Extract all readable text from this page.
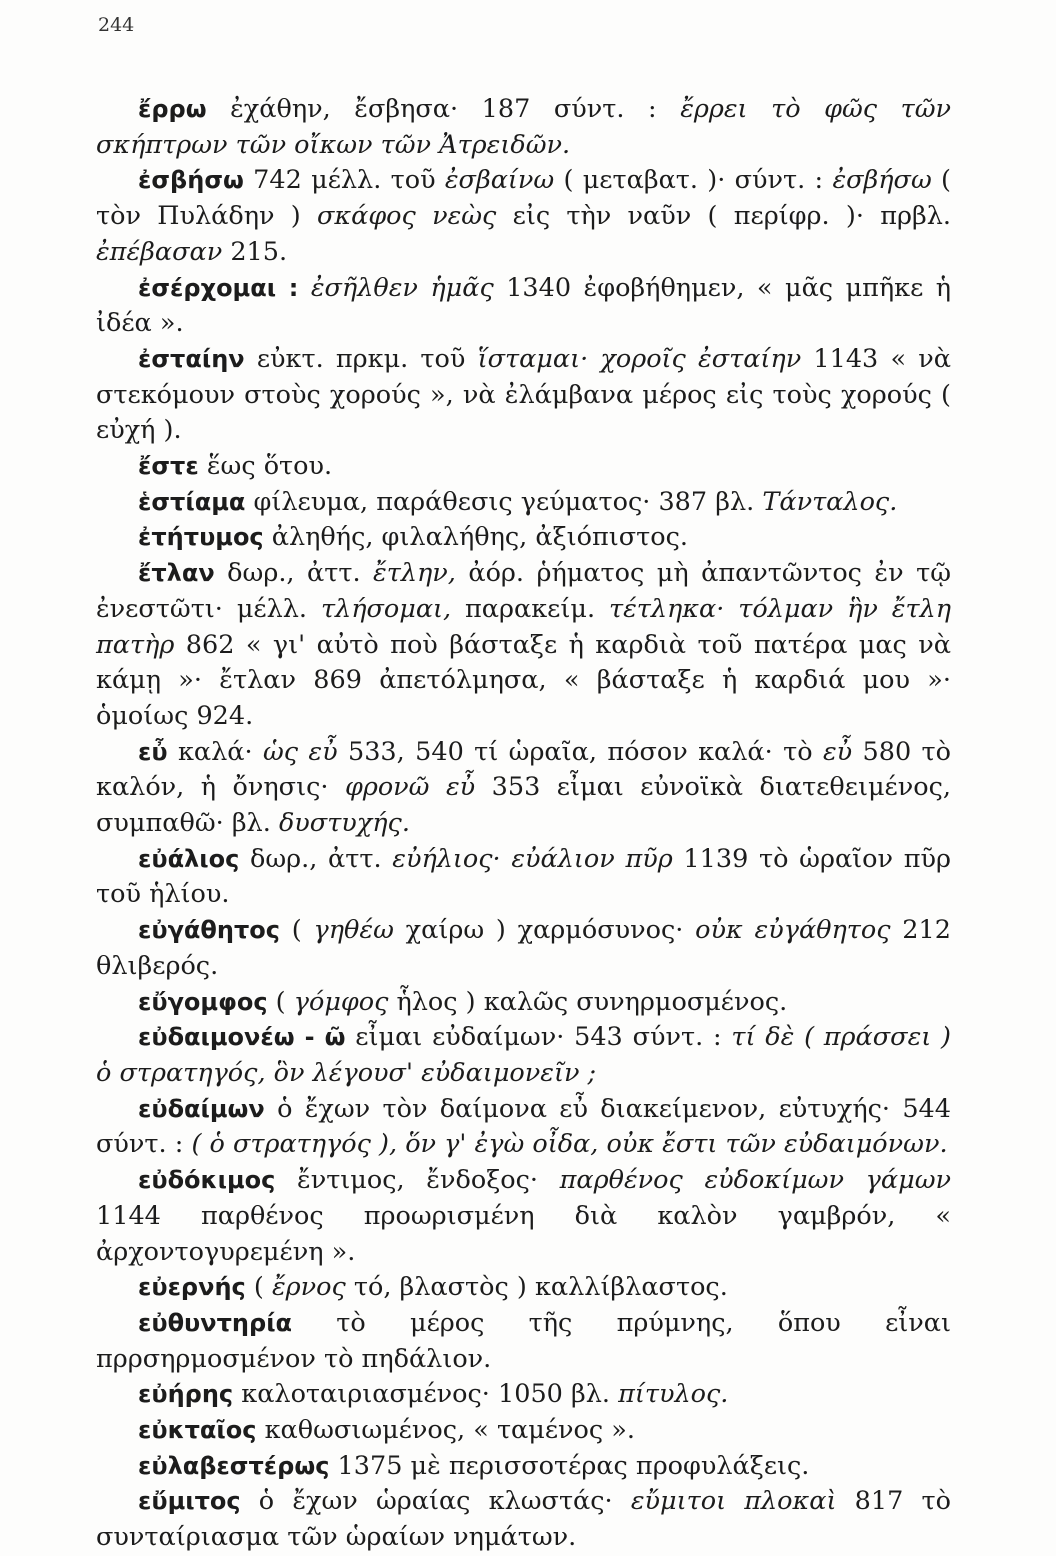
244
ἔρρω ἐχάθην, ἔσβησα· 187 σύντ. : ἔρρει τὸ φῶς τῶν σκήπτρων τῶν οἴκων τῶν Ἀτρειδῶν.
ἐσβήσω 742 μέλλ. τοῦ ἐσβαίνω ( μεταβατ. )· σύντ. : ἐσβήσω ( τὸν Πυλάδην ) σκάφος νεὼς εἰς τὴν ναῦν ( περίφρ. )· πρβλ. ἐπέβασαν 215.
ἐσέρχομαι : ἐσῆλθεν ἡμᾶς 1340 ἐφοβήθημεν, « μᾶς μπῆκε ἡ ἰδέα ».
ἐσταίην εὐκτ. πρκμ. τοῦ ἵσταμαι· χοροῖς ἐσταίην 1143 « νὰ στεκόμουν στοὺς χορούς », νὰ ἐλάμβανα μέρος εἰς τοὺς χορούς ( εὐχή ).
ἔστε ἕως ὅτου.
ἑστίαμα φίλευμα, παράθεσις γεύματος· 387 βλ. Τάνταλος.
ἐτήτυμος ἀληθής, φιλαλήθης, ἀξιόπιστος.
ἔτλαν δωρ., ἀττ. ἔτλην, ἀόρ. ῥήματος μὴ ἀπαντῶντος ἐν τῷ ἐνεστῶτι· μέλλ. τλήσομαι, παρακείμ. τέτληκα· τόλμαν ἣν ἔτλη πατὴρ 862 « γι' αὐτὸ ποὺ βάσταξε ἡ καρδιὰ τοῦ πατέρα μας νὰ κάμῃ »· ἔτλαν 869 ἀπετόλμησα, « βάσταξε ἡ καρδιά μου »· ὁμοίως 924.
εὖ καλά· ὡς εὖ 533, 540 τί ὡραῖα, πόσον καλά· τὸ εὖ 580 τὸ καλόν, ἡ ὄνησις· φρονῶ εὖ 353 εἶμαι εὐνοϊκὰ διατεθειμένος, συμπαθῶ· βλ. δυστυχής.
εὐάλιος δωρ., ἀττ. εὐήλιος· εὐάλιον πῦρ 1139 τὸ ὡραῖον πῦρ τοῦ ἡλίου.
εὐγάθητος ( γηθέω χαίρω ) χαρμόσυνος· οὐκ εὐγάθητος 212 θλιβερός.
εὔγομφος ( γόμφος ἧλος ) καλῶς συνηρμοσμένος.
εὐδαιμονέω - ῶ εἶμαι εὐδαίμων· 543 σύντ. : τί δὲ ( πράσσει ) ὁ στρατηγός, ὃν λέγουσ' εὐδαιμονεῖν ;
εὐδαίμων ὁ ἔχων τὸν δαίμονα εὖ διακείμενον, εὐτυχής· 544 σύντ. : ( ὁ στρατηγός ), ὅν γ' ἐγὼ οἶδα, οὐκ ἔστι τῶν εὐδαιμόνων.
εὐδόκιμος ἔντιμος, ἔνδοξος· παρθένος εὐδοκίμων γάμων 1144 παρθένος προωρισμένη διὰ καλὸν γαμβρόν, « ἀρχοντογυρεμένη ».
εὐερνής ( ἔρνος τό, βλαστὸς ) καλλίβλαστος.
εὐθυντηρία τὸ μέρος τῆς πρύμνης, ὅπου εἶναι πρρσηρμοσμένον τὸ πηδάλιον.
εὐήρης καλοταιριασμένος· 1050 βλ. πίτυλος.
εὐκταῖος καθωσιωμένος, « ταμένος ».
εὐλαβεστέρως 1375 μὲ περισσοτέρας προφυλάξεις.
εὔμιτος ὁ ἔχων ὡραίας κλωστάς· εὔμιτοι πλοκαὶ 817 τὸ συνταίριασμα τῶν ὡραίων νημάτων.
